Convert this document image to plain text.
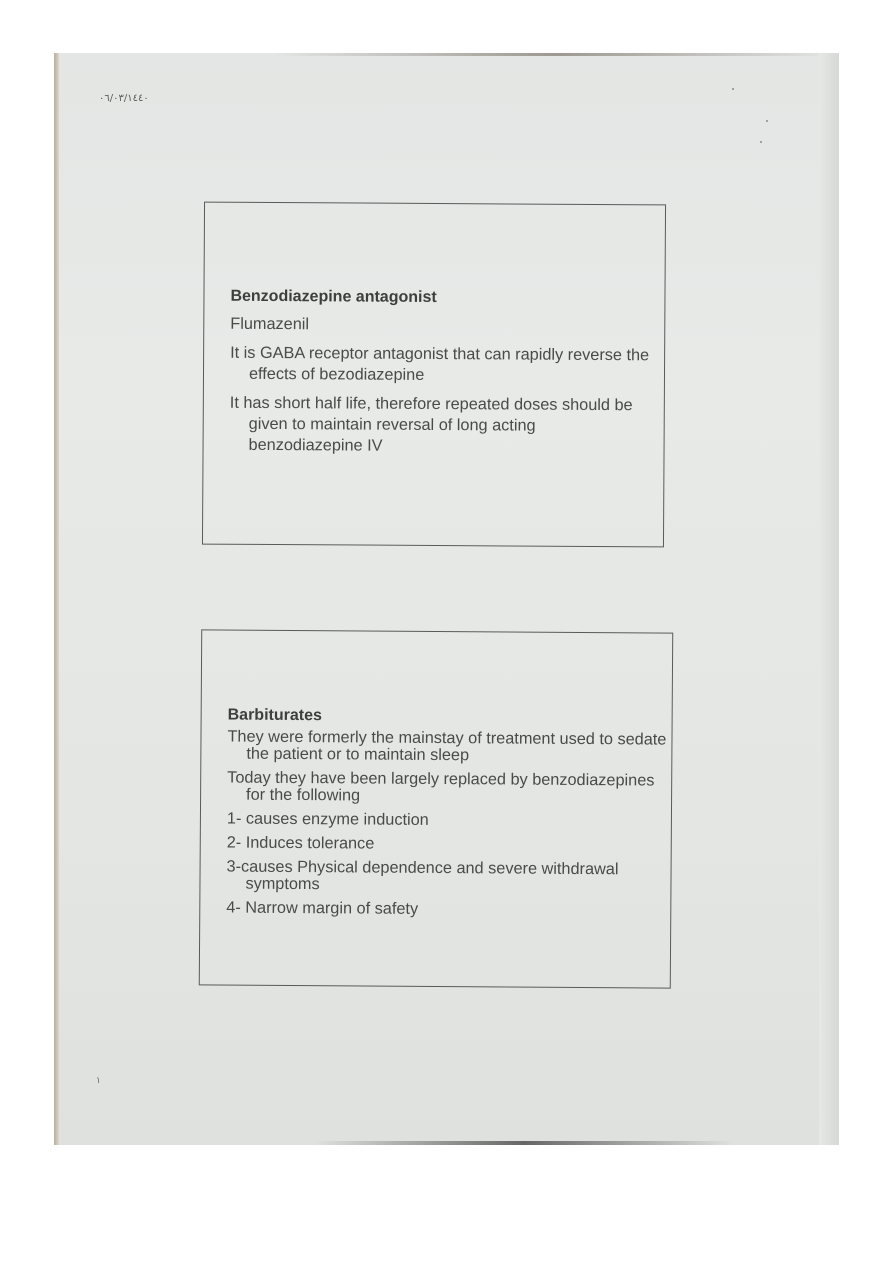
٠٦/٠٣/١٤٤٠
Benzodiazepine antagonist
Flumazenil
It is GABA receptor antagonist that can rapidly reverse the effects of bezodiazepine
It has short half life, therefore repeated doses should be given to maintain reversal of long acting benzodiazepine IV
Barbiturates
They were formerly the mainstay of treatment used to sedate the patient or to maintain sleep
Today they have been largely replaced by benzodiazepines for the following
1- causes enzyme induction
2- Induces tolerance
3-causes Physical dependence and severe withdrawal symptoms
4- Narrow margin of safety
١
